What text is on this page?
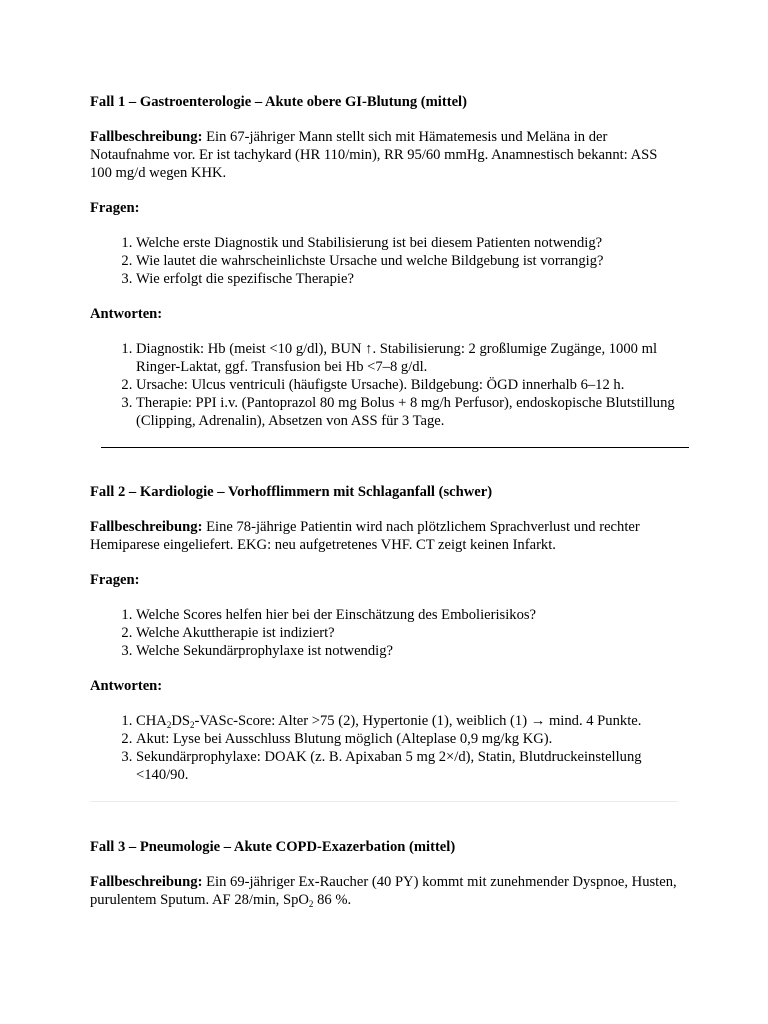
Fall 1 – Gastroenterologie – Akute obere GI-Blutung (mittel)

Fallbeschreibung: Ein 67-jähriger Mann stellt sich mit Hämatemesis und Meläna in der Notaufnahme vor. Er ist tachykard (HR 110/min), RR 95/60 mmHg. Anamnestisch bekannt: ASS 100 mg/d wegen KHK.

Fragen:

1. Welche erste Diagnostik und Stabilisierung ist bei diesem Patienten notwendig?
2. Wie lautet die wahrscheinlichste Ursache und welche Bildgebung ist vorrangig?
3. Wie erfolgt die spezifische Therapie?

Antworten:

1. Diagnostik: Hb (meist <10 g/dl), BUN ↑. Stabilisierung: 2 großlumige Zugänge, 1000 ml Ringer-Laktat, ggf. Transfusion bei Hb <7–8 g/dl.
2. Ursache: Ulcus ventriculi (häufigste Ursache). Bildgebung: ÖGD innerhalb 6–12 h.
3. Therapie: PPI i.v. (Pantoprazol 80 mg Bolus + 8 mg/h Perfusor), endoskopische Blutstillung (Clipping, Adrenalin), Absetzen von ASS für 3 Tage.

Fall 2 – Kardiologie – Vorhofflimmern mit Schlaganfall (schwer)

Fallbeschreibung: Eine 78-jährige Patientin wird nach plötzlichem Sprachverlust und rechter Hemiparese eingeliefert. EKG: neu aufgetretenes VHF. CT zeigt keinen Infarkt.

Fragen:

1. Welche Scores helfen hier bei der Einschätzung des Embolierisikos?
2. Welche Akuttherapie ist indiziert?
3. Welche Sekundärprophylaxe ist notwendig?

Antworten:

1. $CHA_2DS_2-VASc$-Score: Alter >75 (2), Hypertonie (1), weiblich (1) → mind. 4 Punkte.
2. Akut: Lyse bei Ausschluss Blutung möglich (Alteplase 0,9 mg/kg KG).
3. Sekundärprophylaxe: DOAK (z. B. Apixaban 5 mg 2×/d), Statin, Blutdruckeinstellung <140/90.

Fall 3 – Pneumologie – Akute COPD-Exazerbation (mittel)

Fallbeschreibung: Ein 69-jähriger Ex-Raucher (40 PY) kommt mit zunehmender Dyspnoe, Husten, purulentem Sputum. AF 28/min, SpO$_2$ 86 %.
